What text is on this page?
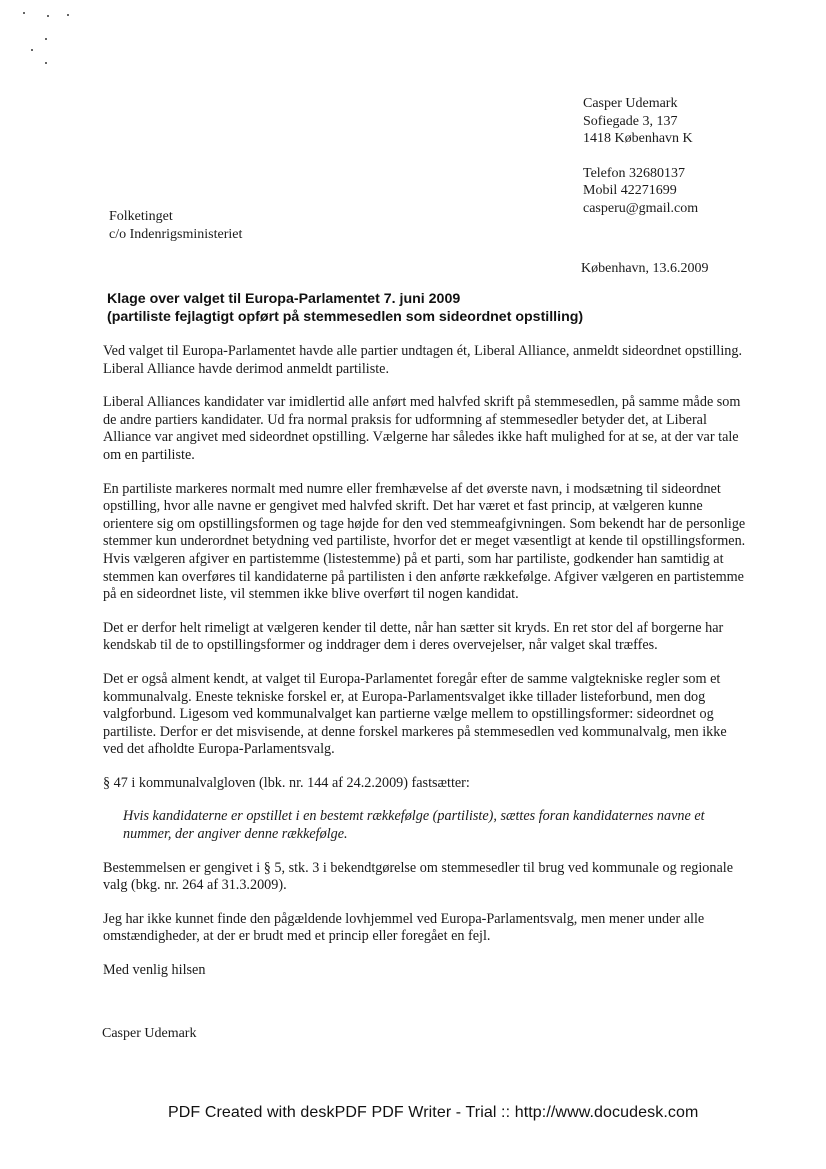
Casper Udemark
Sofiegade 3, 137
1418 København K
Telefon 32680137
Mobil 42271699
casperu@gmail.com
Folketinget
c/o Indenrigsministeriet
København, 13.6.2009
Klage over valget til Europa-Parlamentet 7. juni 2009
(partiliste fejlagtigt opført på stemmesedlen som sideordnet opstilling)

Ved valget til Europa-Parlamentet havde alle partier undtagen ét, Liberal Alliance, anmeldt sideordnet opstilling. Liberal Alliance havde derimod anmeldt partiliste.

Liberal Alliances kandidater var imidlertid alle anført med halvfed skrift på stemmesedlen, på samme måde som de andre partiers kandidater. Ud fra normal praksis for udformning af stemmesedler betyder det, at Liberal Alliance var angivet med sideordnet opstilling. Vælgerne har således ikke haft mulighed for at se, at der var tale om en partiliste.

En partiliste markeres normalt med numre eller fremhævelse af det øverste navn, i modsætning til sideordnet opstilling, hvor alle navne er gengivet med halvfed skrift. Det har været et fast princip, at vælgeren kunne orientere sig om opstillingsformen og tage højde for den ved stemmeafgivningen. Som bekendt har de personlige stemmer kun underordnet betydning ved partiliste, hvorfor det er meget væsentligt at kende til opstillingsformen. Hvis vælgeren afgiver en partistemme (listestemme) på et parti, som har partiliste, godkender han samtidig at stemmen kan overføres til kandidaterne på partilisten i den anførte rækkefølge. Afgiver vælgeren en partistemme på en sideordnet liste, vil stemmen ikke blive overført til nogen kandidat.

Det er derfor helt rimeligt at vælgeren kender til dette, når han sætter sit kryds. En ret stor del af borgerne har kendskab til de to opstillingsformer og inddrager dem i deres overvejelser, når valget skal træffes.

Det er også alment kendt, at valget til Europa-Parlamentet foregår efter de samme valgtekniske regler som et kommunalvalg. Eneste tekniske forskel er, at Europa-Parlamentsvalget ikke tillader listeforbund, men dog valgforbund. Ligesom ved kommunalvalget kan partierne vælge mellem to opstillingsformer: sideordnet og partiliste. Derfor er det misvisende, at denne forskel markeres på stemmesedlen ved kommunalvalg, men ikke ved det afholdte Europa-Parlamentsvalg.

§ 47 i kommunalvalgloven (lbk. nr. 144 af 24.2.2009) fastsætter:

Hvis kandidaterne er opstillet i en bestemt rækkefølge (partiliste), sættes foran kandidaternes navne et nummer, der angiver denne rækkefølge.

Bestemmelsen er gengivet i § 5, stk. 3 i bekendtgørelse om stemmesedler til brug ved kommunale og regionale valg (bkg. nr. 264 af 31.3.2009).

Jeg har ikke kunnet finde den pågældende lovhjemmel ved Europa-Parlamentsvalg, men mener under alle omstændigheder, at der er brudt med et princip eller foregået en fejl.

Med venlig hilsen

Casper Udemark
PDF Created with deskPDF PDF Writer - Trial :: http://www.docudesk.com
